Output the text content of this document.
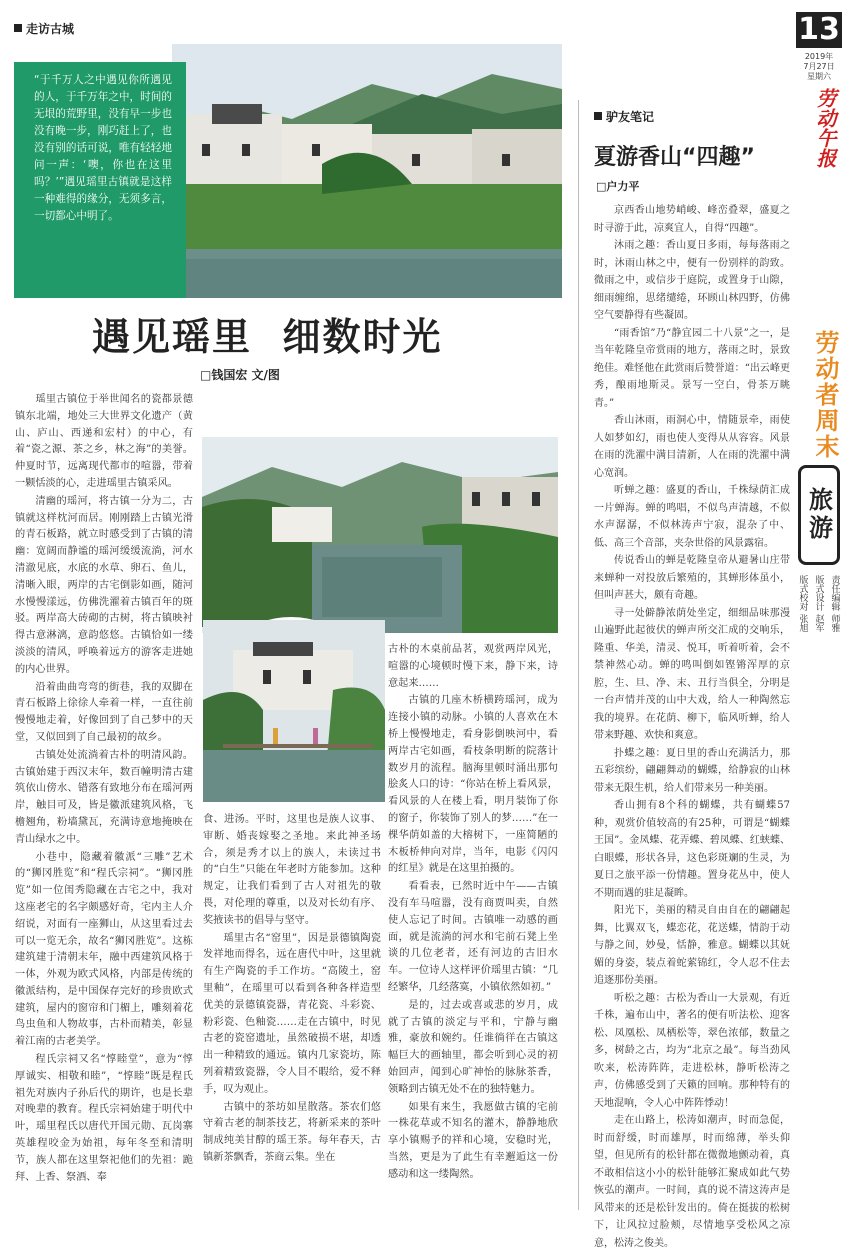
13
2019年
7月27日
星期六
劳动午报
劳动者周末
旅游
责任编辑 师雅
版式设计 赵军
版式校对 张旭
走访古城
“于千万人之中遇见你所遇见的人，于千万年之中，时间的无垠的荒野里，没有早一步也没有晚一步，刚巧赶上了，也没有别的话可说，唯有轻轻地问一声：‘噢，你也在这里吗？’”遇见瑶里古镇就是这样一种难得的缘分，无须多言，一切都心中明了。
遇见瑶里  细数时光
□钱国宏 文/图

瑶里古镇位于举世闻名的瓷都景德镇东北端，地处三大世界文化遗产（黄山、庐山、西递和宏村）的中心，有着“瓷之源、茶之乡，林之海”的美誉。仲夏时节，远离现代都市的喧嚣，带着一颗恬淡的心，走进瑶里古镇采风。

清幽的瑶河，将古镇一分为二，古镇就这样枕河而居。刚刚踏上古镇光滑的青石板路，就立时感受到了古镇的清幽：宽阔而静谧的瑶河缓缓流淌，河水清澈见底，水底的水草、卵石、鱼儿，清晰入眼，两岸的古宅倒影如画，随河水慢慢漾远，仿佛洗濯着古镇百年的斑驳。两岸高大砖砌的古树，将古镇映衬得古意淋漓，意韵悠悠。古镇恰如一缕淡淡的清风，呼唤着远方的游客走进她的内心世界。

沿着曲曲弯弯的街巷，我的双脚在青石板路上徐徐人牵着一样，一直往前慢慢地走着，好像回到了自己梦中的天堂，又似回到了自己最初的故乡。

古镇处处流淌着古朴的明清风韵。古镇始建于西汉末年，数百幢明清古建筑依山傍水、错落有致地分布在瑶河两岸，触目可及，皆是徽派建筑风格，飞檐翘角，粉墙黛瓦，充满诗意地掩映在青山绿水之中。

小巷中，隐藏着徽派“三雕”艺术的“狮冈胜览”和“程氏宗祠”。“狮冈胜览”如一位闺秀隐藏在古宅之中，我对这座老宅的名字颇感好奇，宅内主人介绍说，对面有一座狮山，从这里看过去可以一览无余，故名“狮冈胜览”。这栋建筑建于清朝末年，融中西建筑风格于一体，外观为欧式风格，内部是传统的徽派结构，是中国保存完好的珍贵欧式建筑，屋内的窗帘和门楣上，雕刻着花鸟虫鱼和人物故事，古朴而精美，彰显着江南的古老美学。

程氏宗祠又名“惇睦堂”，意为“惇厚诚实、相敬和睦”，“惇睦”既是程氏祖先对族内子孙后代的期许，也是长辈对晚辈的教育。程氏宗祠始建于明代中叶，瑶里程氏以唐代开国元勋、瓦岗寨英雄程咬金为始祖，每年冬至和清明节，族人都在这里祭祀他们的先祖：跪拜、上香、祭酒、奉

食、进汤。平时，这里也是族人议事、审断、婚丧嫁娶之圣地。来此神圣场合，须是秀才以上的族人，未读过书的“白生”只能在年老时方能参加。这种规定，让我们看到了古人对祖先的敬畏，对伦理的尊重，以及对长幼有序、奖掖读书的倡导与坚守。

瑶里古名“窑里”，因是景德镇陶瓷发祥地而得名，远在唐代中叶，这里就有生产陶瓷的手工作坊。“高陵土，窑里釉”，在瑶里可以看到各种各样造型优美的景德镇瓷器，青花瓷、斗彩瓷、粉彩瓷、色釉瓷……走在古镇中，时见古老的瓷窑遗址，虽然破损不堪，却透出一种精致的通远。镇内几家瓷坊，陈列着精致瓷器，令人目不暇给，爱不释手，叹为观止。

古镇中的茶坊如星散落。茶农们悠守着古老的制茶技艺，将新采来的茶叶制成纯美甘醇的瑶王茶。每年春天，古镇新茶飘香，茶商云集。坐在

古朴的木桌前品茗，观赏两岸风光，喧嚣的心境顿时慢下来，静下来，诗意起来……

古镇的几座木桥横跨瑶河，成为连接小镇的动脉。小镇的人喜欢在木桥上慢慢地走，看身影倒映河中，看两岸古宅如画，看枝条明断的院落计数岁月的流程。脑海里顿时涌出那句脍炙人口的诗：“你站在桥上看风景，看风景的人在楼上看，明月装饰了你的窗子，你装饰了别人的梦……”在一棵华荫如盖的大榕树下，一座简陋的木板桥伸向对岸，当年，电影《闪闪的红星》就是在这里拍摄的。

看看表，已然时近中午——古镇没有车马喧嚣，没有商贾叫卖，自然使人忘记了时间。古镇唯一动感的画面，就是流淌的河水和宅前石凳上坐谈的几位老者，还有河边的古旧水车。一位诗人这样评价瑶里古镇：“几经繁华，几经落寞，小镇依然如初。”

是的，过去或喜或悲的岁月，成就了古镇的淡定与平和，宁静与幽雅，豪放和婉约。任谁徜徉在古镇这幅巨大的画轴里，都会听到心灵的初始回声，闻到心旷神怡的脉脉茶香，领略到古镇无处不在的独特魅力。

如果有来生，我愿做古镇的宅前一株花草或不知名的灌木，静静地欣享小镇赐予的祥和心境，安稳时光，当然，更是为了此生有幸邂逅这一份感动和这一缕陶然。

驴友笔记
夏游香山“四趣”
□户力平

京西香山地势峭峻、峰峦叠翠，盛夏之时寻游于此，凉爽宜人，自得“四趣”。

沐雨之趣：香山夏日多雨，每每落雨之时，沐雨山林之中，便有一份别样的韵致。微雨之中，或信步于庭院，或置身于山隙，细雨缠绵，思绪缱绻，环顾山林四野，仿佛空气要静得有些凝固。

“雨香馆”乃“静宜园二十八景”之一，是当年乾隆皇帝赏雨的地方，落雨之时，景致绝佳。难怪他在此赏雨后赞誉道：“出云峰更秀，酿雨地斯灵。景写一空白，骨茶万眺青。”

香山沐雨，雨洞心中，情随景牵，雨使人如梦如幻，雨也使人变得从从容容。风景在雨的洗濯中满目清新，人在雨的洗濯中满心宽润。

听蝉之趣：盛夏的香山，千株绿荫汇成一片蝉海。蝉的鸣唱，不似鸟声清越，不似水声潺潺，不似林涛声宁寂，混杂了中、低、高三个音部，夹杂世俗的风景露宿。

传说香山的蝉是乾隆皇帝从避暑山庄带来蝉种一对投放后繁殖的，其蝉形体虽小，但叫声甚大，颇有奇趣。

寻一处僻静浓荫处坐定，细细品味那漫山遍野此起彼伏的蝉声所交汇成的交响乐，隆重、华美，清灵、悦耳，听着听着，会不禁神然心动。蝉的鸣叫倒如铿锵浑厚的京腔，生、旦、净、末、丑行当俱全，分明是一台声情并茂的山中大戏，给人一种陶然忘我的境界。在花荫、柳下，临风听蝉，给人带来野趣、欢快和爽意。

扑蝶之趣：夏日里的香山充满活力，那五彩缤纷，翩翩舞动的蝴蝶，给静寂的山林带来无限生机，给人们带来另一种美丽。

香山拥有8个科的蝴蝶，共有蝴蝶57种，观赏价值较高的有25种，可谓是“蝴蝶王国”。金凤蝶、花弄蝶、碧凤蝶、红蛱蝶、白眼蝶，形状各异，这色彩斑斓的生灵，为夏日之旅平添一份情趣。置身花丛中，使人不期而遇的驻足凝眸。

阳光下，美丽的精灵自由自在的翩翩起舞，比翼双飞，蝶恋花，花送蝶，情韵于动与静之间，妙曼，恬静，雅意。蝴蝶以其妩媚的身姿，装点着蛇萦锦红，令人忍不住去追逐那份美丽。

听松之趣：古松为香山一大景观，有近千株，遍布山中，著名的便有听法松、迎客松、凤凰松、凤栖松等，翠色浓郁，数量之多，树龄之古，均为“北京之最”。每当劲风吹来，松涛阵阵，走进松林，静听松涛之声，仿佛感受到了天籁的回响。那种特有的天地混响，令人心中阵阵悸动！

走在山路上，松涛如潮声，时而急促，时而舒缓，时而雄厚，时而绵薄，举头仰望，但见所有的松针都在微微地颤动着，真不敢相信这小小的松针能够汇聚成如此气势恢弘的潮声。一时间，真的说不清这涛声是风带来的还是松针发出的。倚在挺拔的松树下，让风拉过脸颊，尽情地享受松风之凉意，松涛之俊美。
